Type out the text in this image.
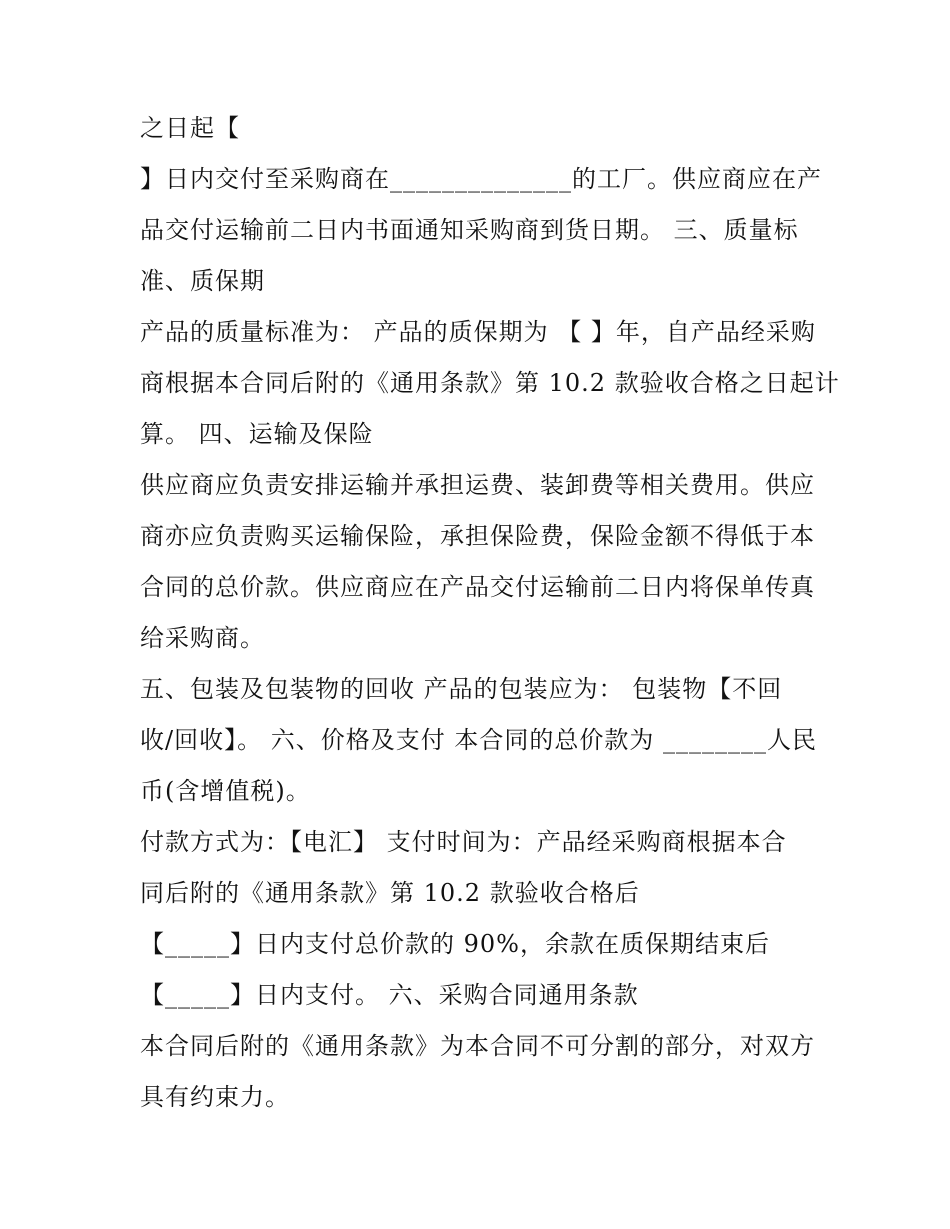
之日起【
】日内交付至采购商在______________的工厂。供应商应在产
品交付运输前二日内书面通知采购商到货日期。 三、质量标
准、质保期
产品的质量标准为： 产品的质保期为 【 】年，自产品经采购
商根据本合同后附的《通用条款》第 10.2 款验收合格之日起计
算。 四、运输及保险
供应商应负责安排运输并承担运费、装卸费等相关费用。供应
商亦应负责购买运输保险，承担保险费，保险金额不得低于本
合同的总价款。供应商应在产品交付运输前二日内将保单传真
给采购商。
五、包装及包装物的回收 产品的包装应为： 包装物【不回
收/回收】。 六、价格及支付 本合同的总价款为 ________人民
币(含增值税)。
付款方式为：【电汇】 支付时间为：产品经采购商根据本合
同后附的《通用条款》第 10.2 款验收合格后
【_____】日内支付总价款的 90%，余款在质保期结束后
【_____】日内支付。 六、采购合同通用条款
本合同后附的《通用条款》为本合同不可分割的部分，对双方
具有约束力。
